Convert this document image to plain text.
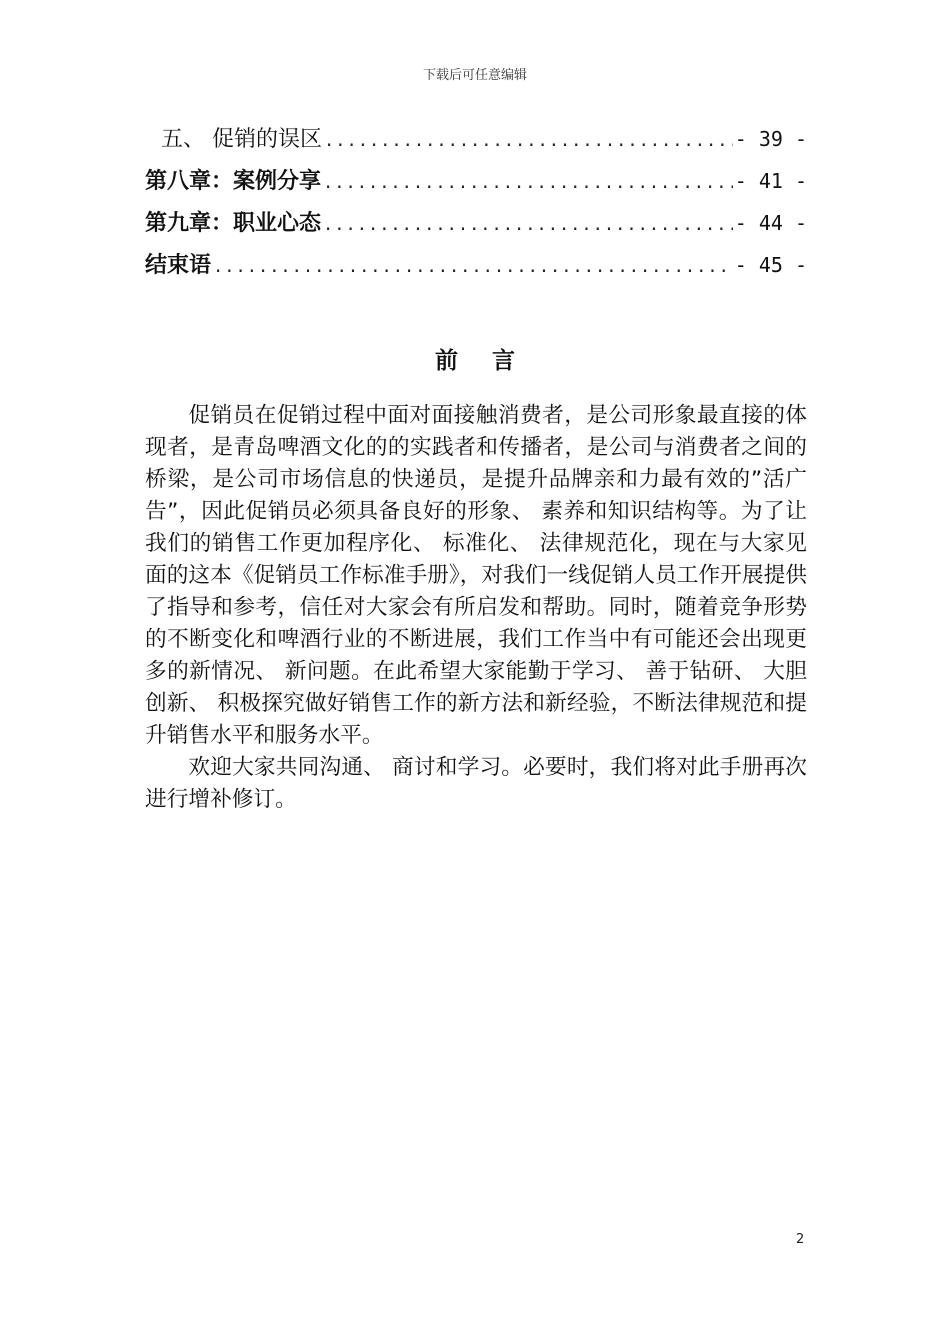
下载后可任意编辑
五、 促销的误区 .....	- 39 -
第八章：案例分享 .....	- 41 -
第九章：职业心态 .....	- 44 -
结束语 .....	- 45 -
前言

促销员在促销过程中面对面接触消费者，是公司形象最直接的体现者，是青岛啤酒文化的的实践者和传播者，是公司与消费者之间的桥梁，是公司市场信息的快递员，是提升品牌亲和力最有效的”活广告”，因此促销员必须具备良好的形象、 素养和知识结构等。为了让我们的销售工作更加程序化、 标准化、 法律规范化，现在与大家见面的这本《促销员工作标准手册》，对我们一线促销人员工作开展提供了指导和参考，信任对大家会有所启发和帮助。同时，随着竞争形势的不断变化和啤酒行业的不断进展，我们工作当中有可能还会出现更多的新情况、 新问题。在此希望大家能勤于学习、 善于钻研、 大胆创新、 积极探究做好销售工作的新方法和新经验，不断法律规范和提升销售水平和服务水平。

欢迎大家共同沟通、 商讨和学习。必要时，我们将对此手册再次进行增补修订。

2
